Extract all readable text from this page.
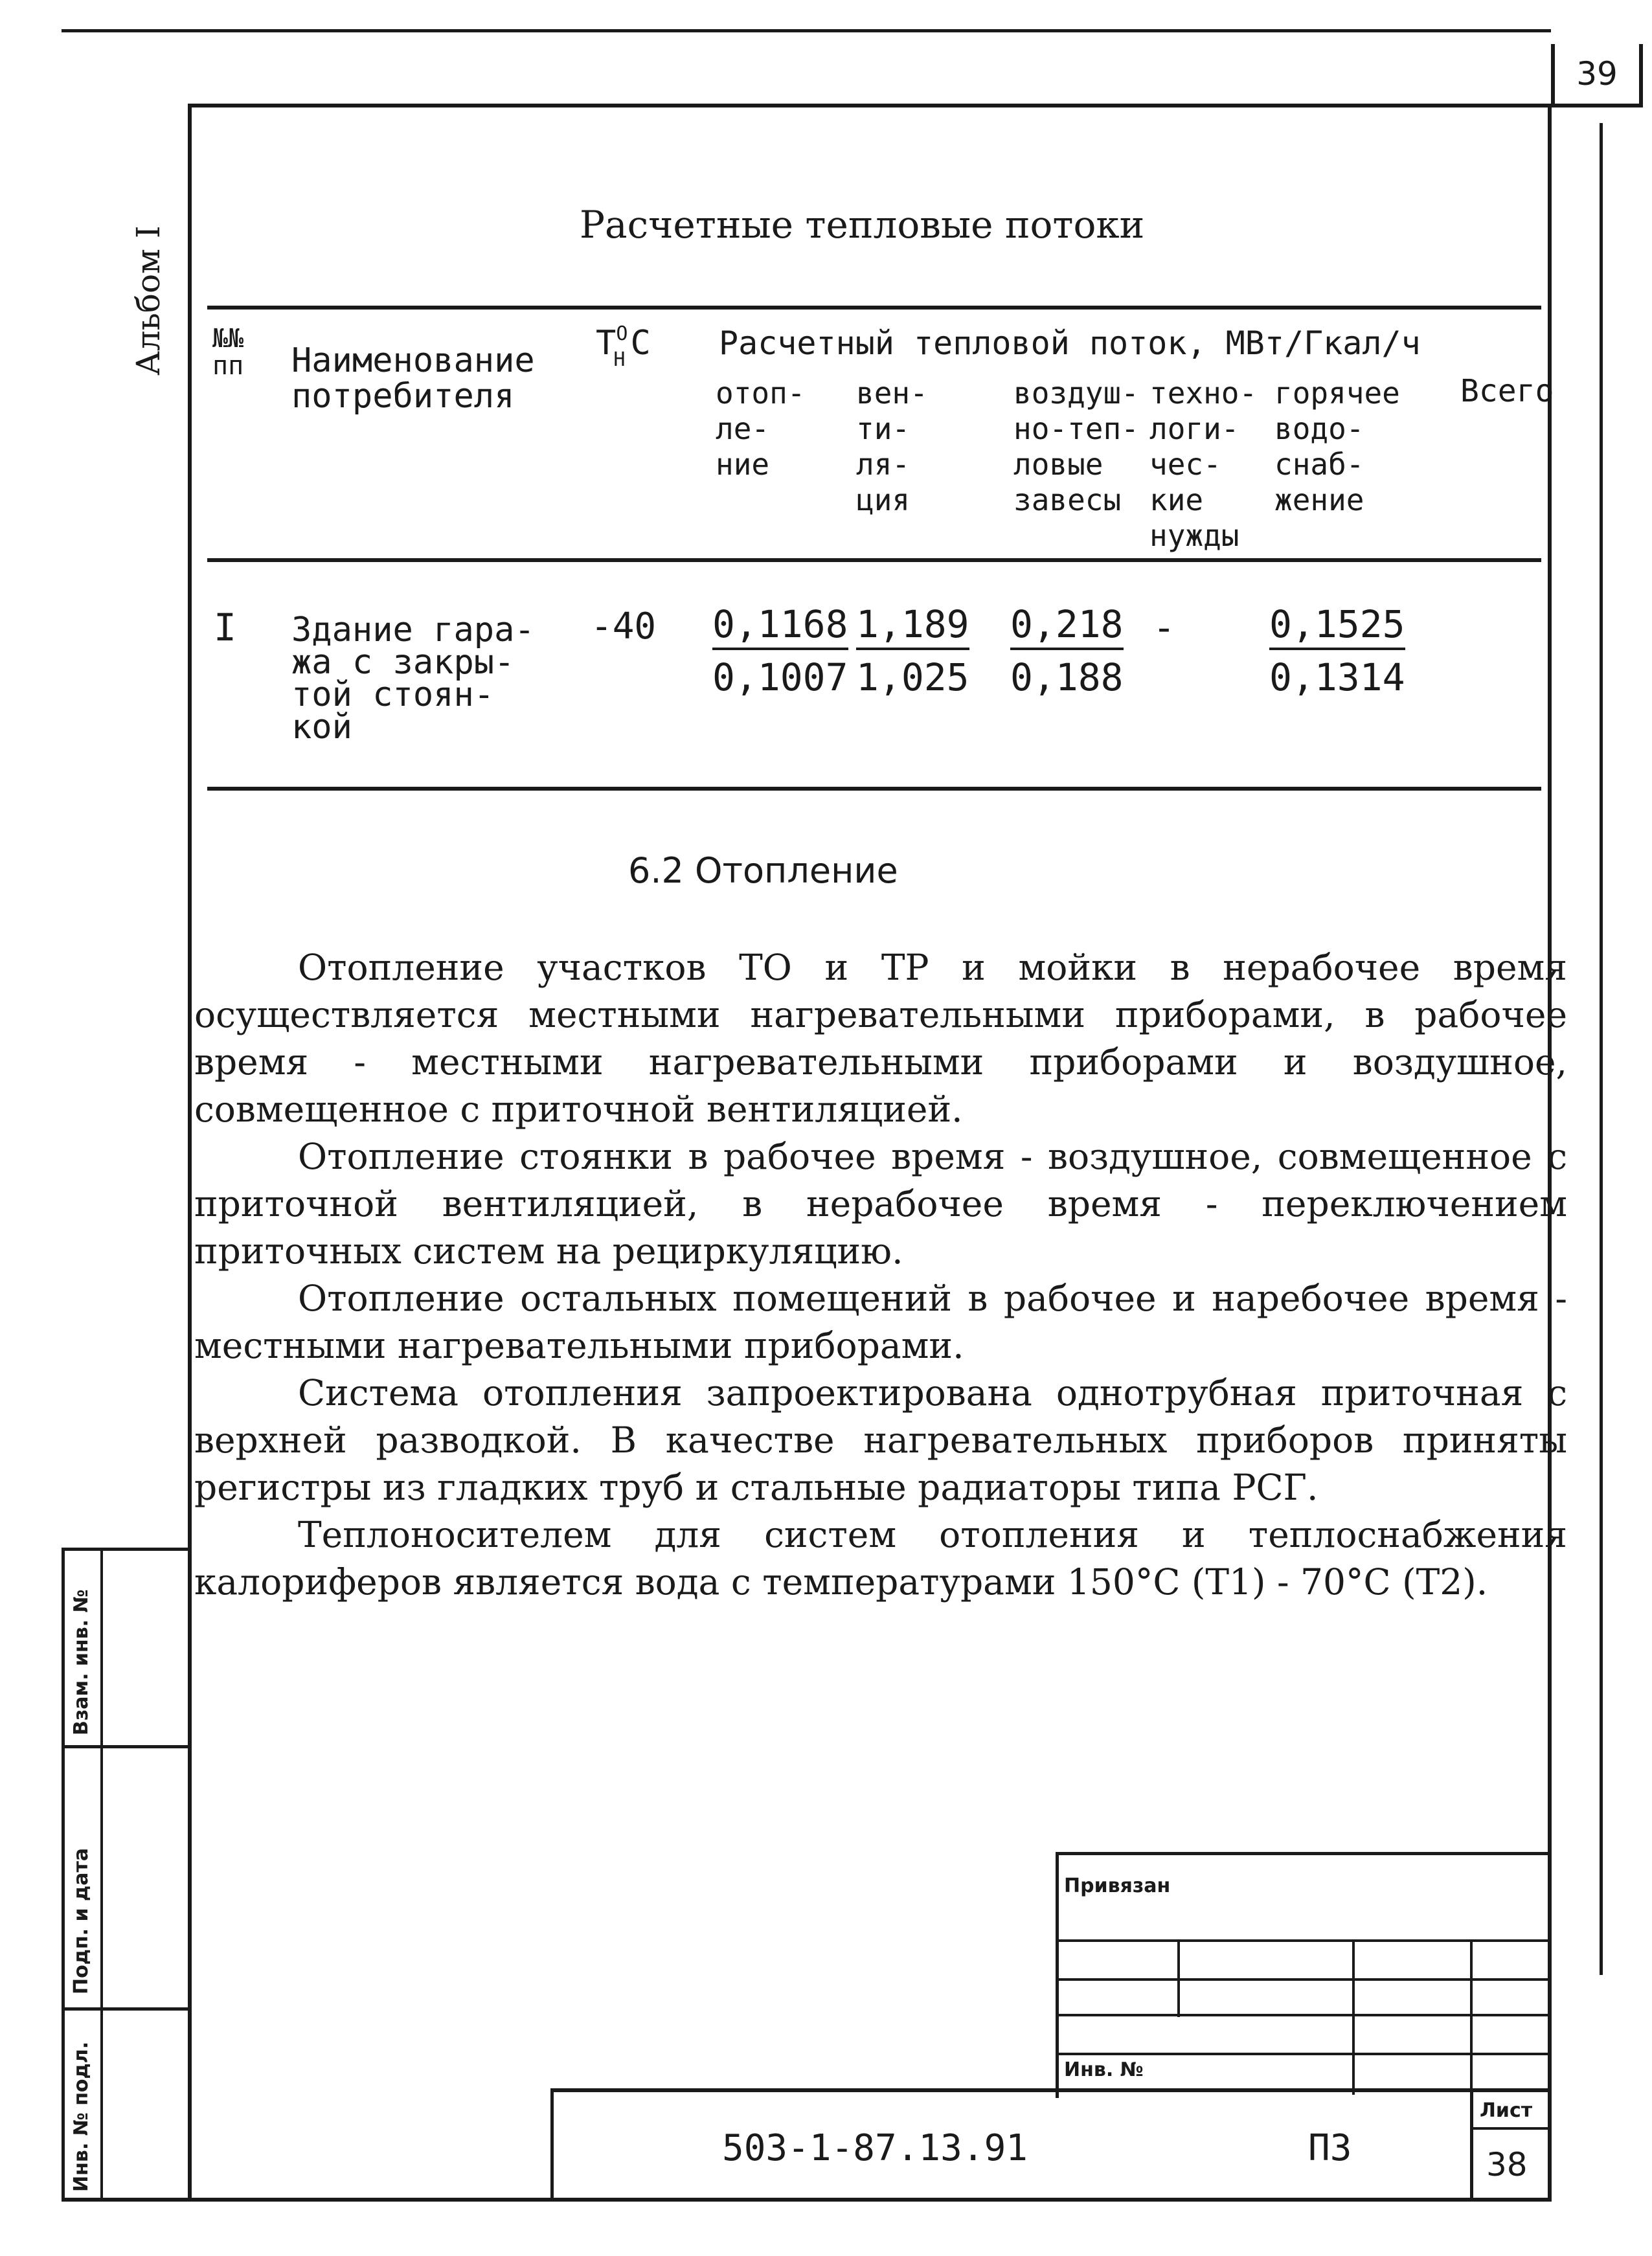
39
Альбом I
Расчетные тепловые потоки
№№
пп Наименование
потребителя
$Т^О_Н$ С Расчетный тепловой поток, МВт/Гкал/ч
отоп-
ле-
ние
вен-
ти-
ля-
ция
воздуш-
но-теп-
ловые
завесы
техно-
логи-
чес-
кие
нужды
горячее
водо-
снаб-
жение
Всего
I Здание гара-
жа с закры-
той стоян-
кой
$-40 \frac{0,1168}{0,1007} \frac{1,189}{1,025} \frac{0,218}{0,188}$ -	$\frac{0,1525}{0,1314}$
6.2 Отопление

Отопление участков ТО и ТР и мойки в нерабочее время осуществляется местными нагревательными приборами, в рабочее время - местными нагревательными приборами и воздушное, совмещенное с приточной вентиляцией.

Отопление стоянки в рабочее время - воздушное, совмещенное с приточной вентиляцией, в нерабочее время - переключением приточных систем на рециркуляцию.

Отопление остальных помещений в рабочее и наребочее время - местными нагревательными приборами.

Система отопления запроектирована однотрубная приточная с верхней разводкой. В качестве нагревательных приборов приняты регистры из гладких труб и стальные радиаторы типа РСГ.

Теплоносителем для систем отопления и теплоснабжения калориферов является вода с температурами 150°С (Т1) - 70°С (Т2).

Взам. инв. №
Подп. и дата
Инв. № подл.
Привязан
Инв. №
Лист
38
503-1-87.13.91	ПЗ
